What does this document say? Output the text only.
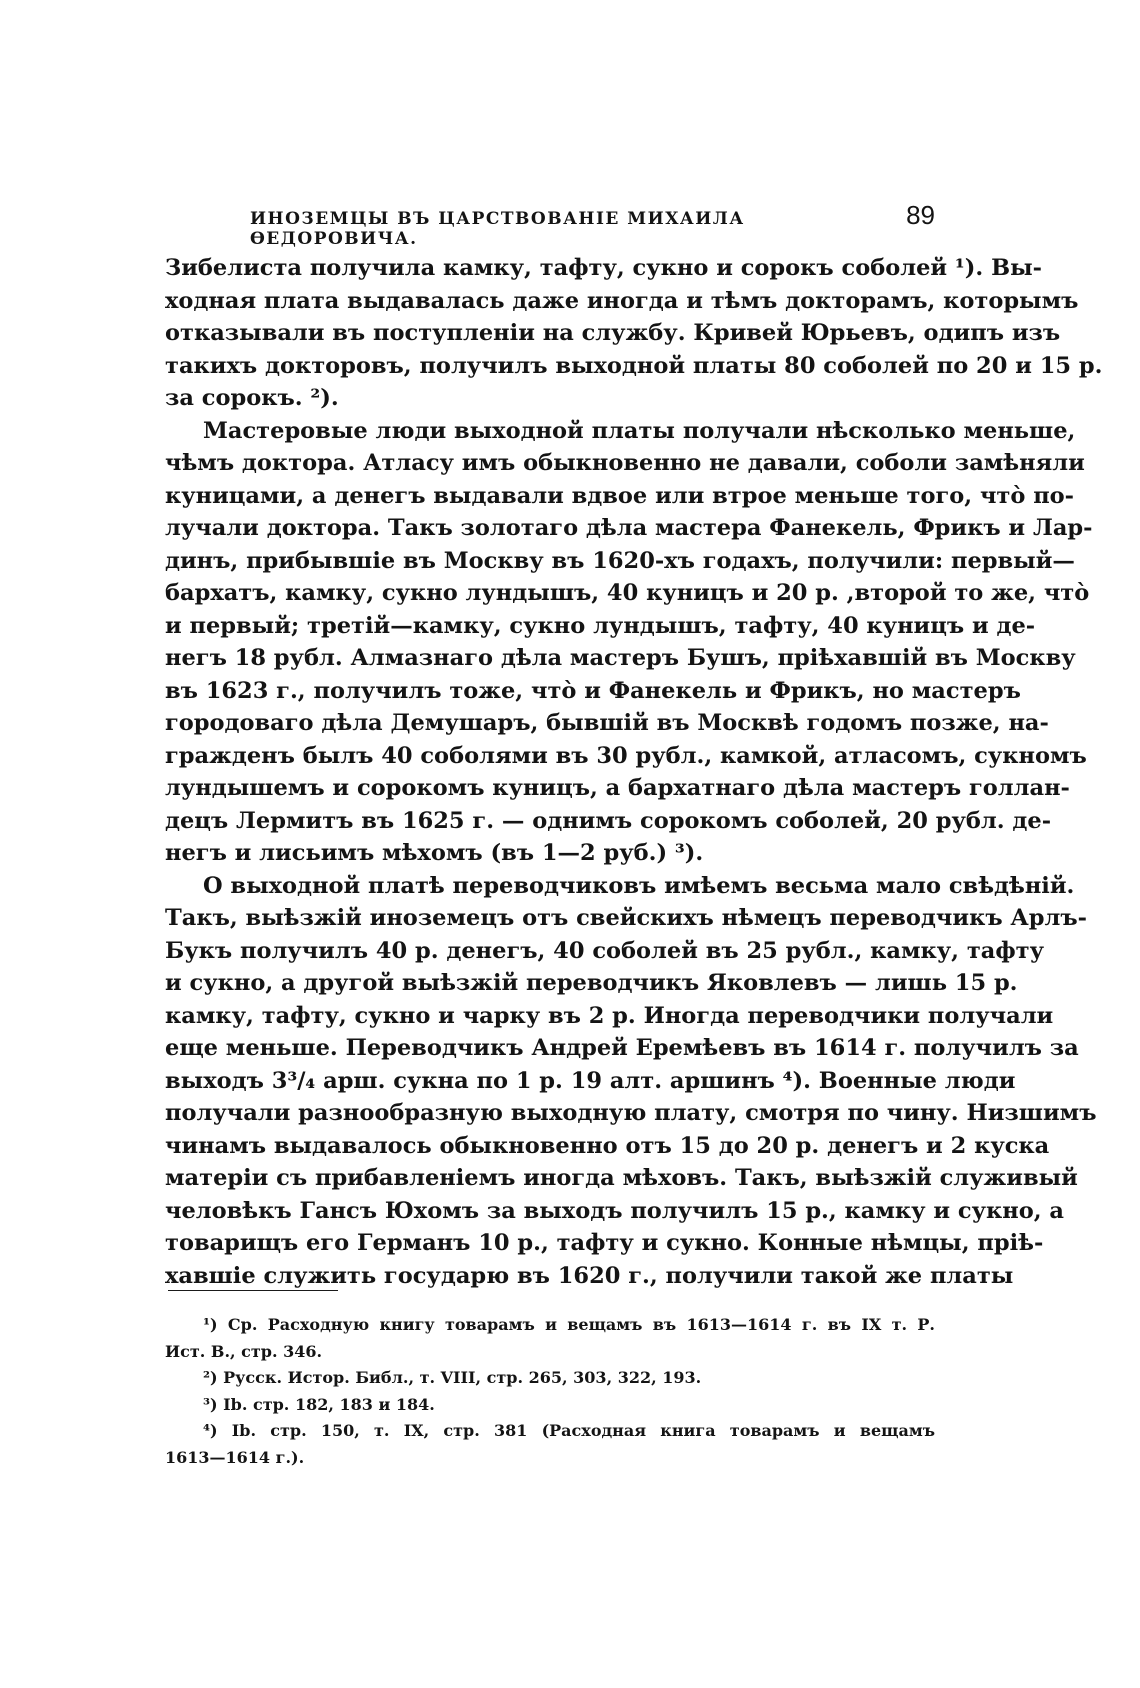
ИНОЗЕМЦЫ ВЪ ЦАРСТВОВАНІЕ МИХАИЛА ѲЕДОРОВИЧА.
89
Зибелиста получила камку, тафту, сукно и сорокъ соболей ¹). Вы-
ходная плата выдавалась даже иногда и тѣмъ докторамъ, которымъ
отказывали въ поступленіи на службу. Кривей Юрьевъ, одипъ изъ
такихъ докторовъ, получилъ выходной платы 80 соболей по 20 и 15 р.
за сорокъ. ²).
Мастеровые люди выходной платы получали нѣсколько меньше,
чѣмъ доктора. Атласу имъ обыкновенно не давали, соболи замѣняли
куницами, а денегъ выдавали вдвое или втрое меньше того, чтò по-
лучали доктора. Такъ золотаго дѣла мастера Фанекель, Фрикъ и Лар-
динъ, прибывшіе въ Москву въ 1620-хъ годахъ, получили: первый—
бархатъ, камку, сукно лундышъ, 40 куницъ и 20 р. ,второй то же, чтò
и первый; третій—камку, сукно лундышъ, тафту, 40 куницъ и де-
негъ 18 рубл. Алмазнаго дѣла мастеръ Бушъ, пріѣхавшій въ Москву
въ 1623 г., получилъ тоже, чтò и Фанекель и Фрикъ, но мастеръ
городоваго дѣла Демушаръ, бывшій въ Москвѣ годомъ позже, на-
гражденъ былъ 40 соболями въ 30 рубл., камкой, атласомъ, сукномъ
лундышемъ и сорокомъ куницъ, а бархатнаго дѣла мастеръ голлан-
децъ Лермитъ въ 1625 г. — однимъ сорокомъ соболей, 20 рубл. де-
негъ и лисьимъ мѣхомъ (въ 1—2 руб.) ³).
О выходной платѣ переводчиковъ имѣемъ весьма мало свѣдѣній.
Такъ, выѣзжій иноземецъ отъ свейскихъ нѣмецъ переводчикъ Арлъ-
Букъ получилъ 40 р. денегъ, 40 соболей въ 25 рубл., камку, тафту
и сукно, а другой выѣзжій переводчикъ Яковлевъ — лишь 15 р.
камку, тафту, сукно и чарку въ 2 р. Иногда переводчики получали
еще меньше. Переводчикъ Андрей Еремѣевъ въ 1614 г. получилъ за
выходъ 3³/₄ арш. сукна по 1 р. 19 алт. аршинъ ⁴). Военные люди
получали разнообразную выходную плату, смотря по чину. Низшимъ
чинамъ выдавалось обыкновенно отъ 15 до 20 р. денегъ и 2 куска
матеріи съ прибавленіемъ иногда мѣховъ. Такъ, выѣзжій служивый
человѣкъ Гансъ Юхомъ за выходъ получилъ 15 р., камку и сукно, а
товарищъ его Германъ 10 р., тафту и сукно. Конные нѣмцы, пріѣ-
хавшіе служить государю въ 1620 г., получили такой же платы
¹) Ср. Расходную книгу товарамъ и вещамъ въ 1613—1614 г. въ IX т. Р.
Ист. В., стр. 346.
²) Русск. Истор. Библ., т. VIII, стр. 265, 303, 322, 193.
³) Ib. стр. 182, 183 и 184.
⁴) Ib. стр. 150, т. IX, стр. 381 (Расходная книга товарамъ и вещамъ
1613—1614 г.).
